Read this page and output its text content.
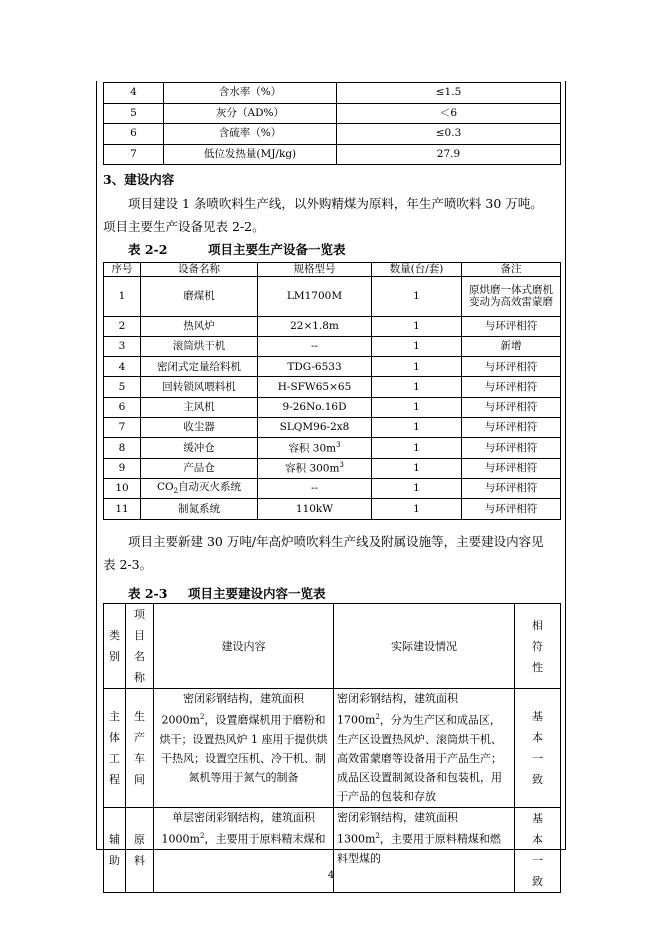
4	含水率（%）	≤1.5
5	灰分（AD%）	＜6
6	含硫率（%）	≤0.3
7	低位发热量(MJ/kg)	27.9
3、建设内容
项目建设 1 条喷吹料生产线，以外购精煤为原料，年生产喷吹料 30 万吨。
项目主要生产设备见表 2-2。
表 2-2	项目主要生产设备一览表
序号	设备名称	规格型号	数量(台/套)	备注
1	磨煤机	LM1700M	1	原烘磨一体式磨机
变动为高效雷蒙磨

2	热风炉	22×1.8m	1	与环评相符

3	滚筒烘干机	--	1	新增

4	密闭式定量给料机	TDG-6533	1	与环评相符

5	回转锁风喂料机	H-SFW65×65	1	与环评相符

6	主风机	9-26No.16D	1	与环评相符

7	收尘器	SLQM96-2x8	1	与环评相符

8	缓冲仓	容积 $30m^3$	1	与环评相符

9	产品仓	容积 $300m^3$	1	与环评相符

10	$CO_2$自动灭火系统	--	1	与环评相符

11	制氮系统	110kW	1	与环评相符
项目主要新建 30 万吨/年高炉喷吹料生产线及附属设施等，主要建设内容见
表 2-3。
表 2-3 项目主要建设内容一览表
类别	项目名称	建设内容	实际建设情况	相符性

主体工程	生产车间	密闭彩钢结构，建筑面积 $2000m^2$，设置磨煤机用于磨粉和烘干；设置热风炉 1 座用于提供烘干热风；设置空压机、冷干机、制氮机等用于氮气的制备	密闭彩钢结构，建筑面积 $1700m^2$，分为生产区和成品区，生产区设置热风炉、滚筒烘干机、高效雷蒙磨等设备用于产品生产；成品区设置制氮设备和包装机，用于产品的包装和存放	基本一致

辅助	原料	单层密闭彩钢结构，建筑面积 $1000m^2$，主要用于原料精末煤和	密闭彩钢结构，建筑面积 $1300m^2$，主要用于原料精煤和燃料型煤的	基本一致
4
